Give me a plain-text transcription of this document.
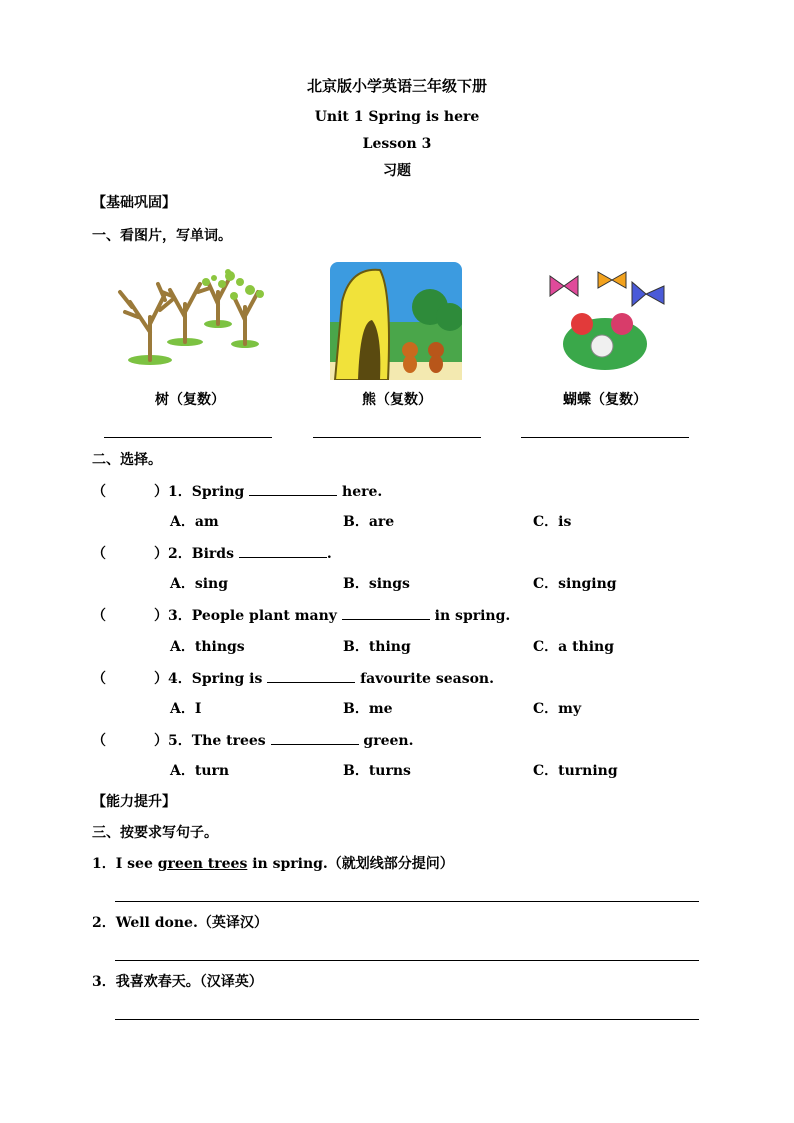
北京版小学英语三年级下册
Unit 1 Spring is here
Lesson 3
习题
【基础巩固】
一、看图片，写单词。
树（复数）	熊（复数）	蝴蝶（复数）
二、选择。
（	）1．Spring	here.
A．am	B．are	C．is
（	）2．Birds	.
A．sing	B．sings	C．singing
（	）3．People plant many	in spring.
A．things	B．thing	C．a thing
（	）4．Spring is	favourite season.
A．I	B．me	C．my
（	）5．The trees	green.
A．turn	B．turns	C．turning
【能力提升】
三、按要求写句子。
1．I see green trees in spring.（就划线部分提问）
2．Well done.（英译汉）
3．我喜欢春天。（汉译英）
